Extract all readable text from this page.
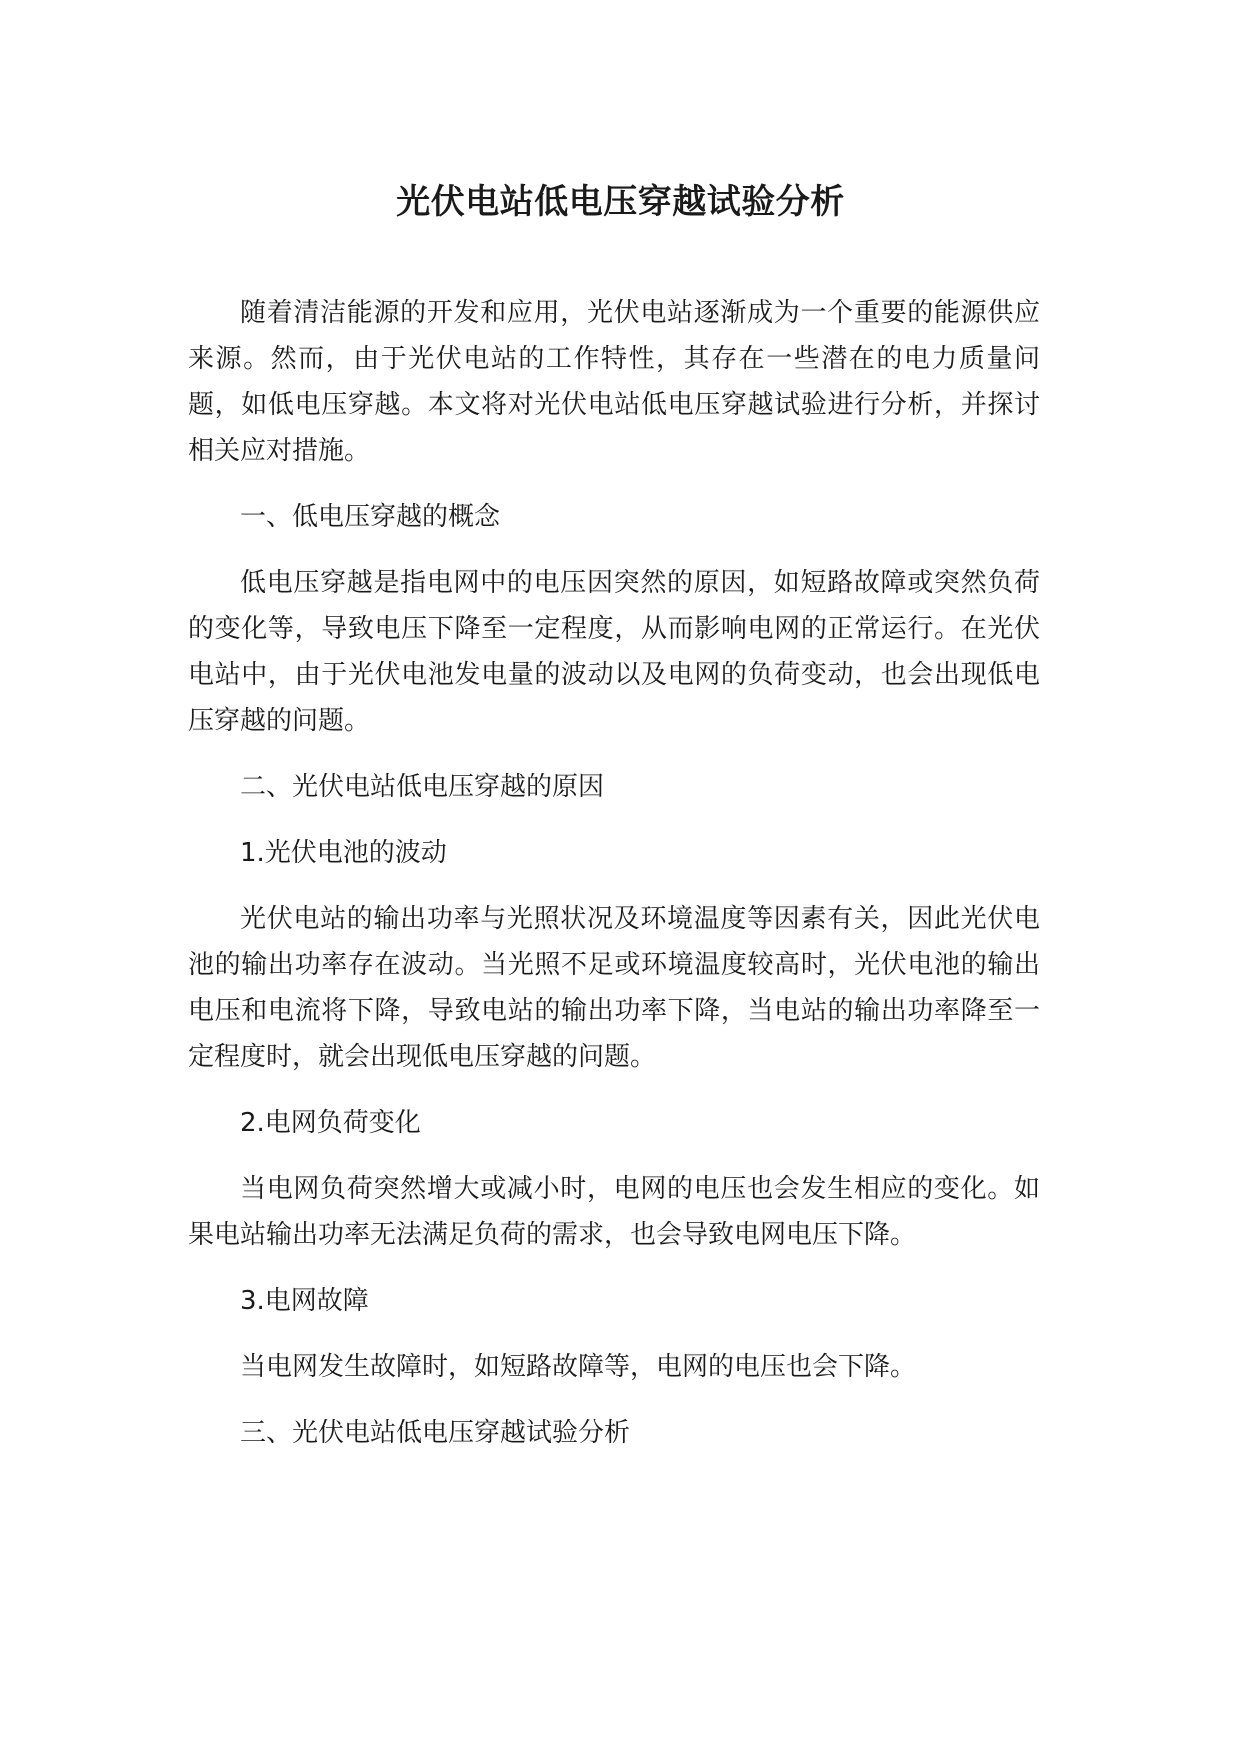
光伏电站低电压穿越试验分析

随着清洁能源的开发和应用，光伏电站逐渐成为一个重要的能源供应来源。然而，由于光伏电站的工作特性，其存在一些潜在的电力质量问题，如低电压穿越。本文将对光伏电站低电压穿越试验进行分析，并探讨相关应对措施。

一、低电压穿越的概念

低电压穿越是指电网中的电压因突然的原因，如短路故障或突然负荷的变化等，导致电压下降至一定程度，从而影响电网的正常运行。在光伏电站中，由于光伏电池发电量的波动以及电网的负荷变动，也会出现低电压穿越的问题。

二、光伏电站低电压穿越的原因

1.光伏电池的波动

光伏电站的输出功率与光照状况及环境温度等因素有关，因此光伏电池的输出功率存在波动。当光照不足或环境温度较高时，光伏电池的输出电压和电流将下降，导致电站的输出功率下降，当电站的输出功率降至一定程度时，就会出现低电压穿越的问题。

2.电网负荷变化

当电网负荷突然增大或减小时，电网的电压也会发生相应的变化。如果电站输出功率无法满足负荷的需求，也会导致电网电压下降。

3.电网故障

当电网发生故障时，如短路故障等，电网的电压也会下降。

三、光伏电站低电压穿越试验分析
